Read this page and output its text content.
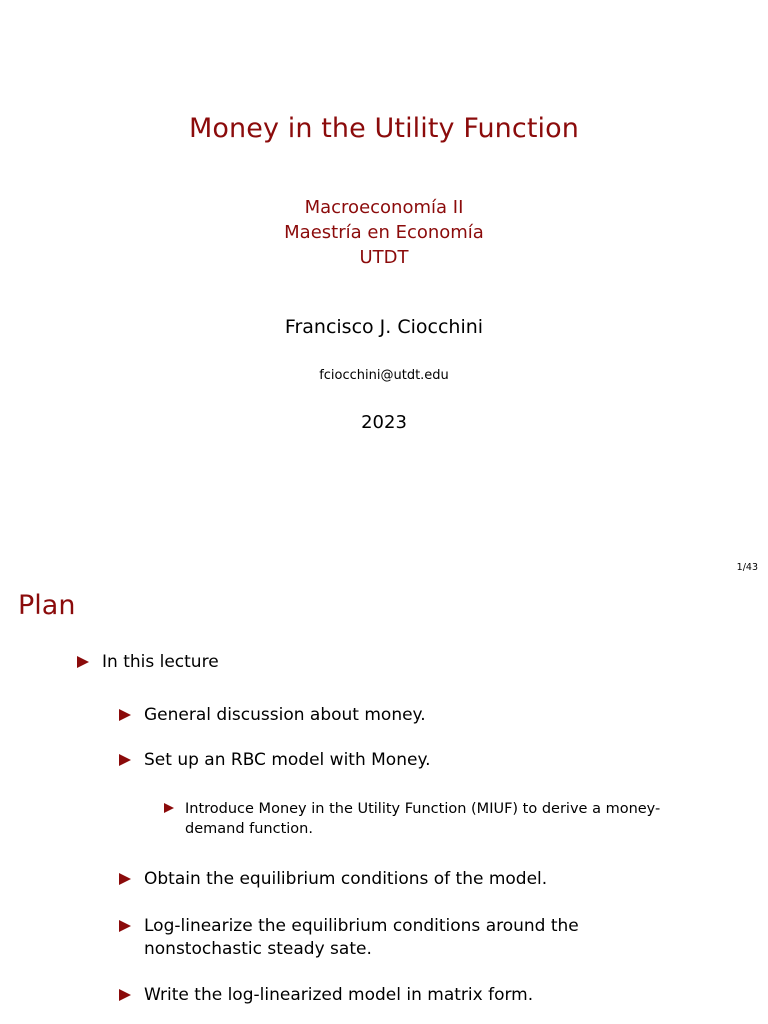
Money in the Utility Function
Macroeconomía II
Maestría en Economía
UTDT
Francisco J. Ciocchini
fciocchini@utdt.edu
2023
1/43
Plan
In this lecture
General discussion about money.
Set up an RBC model with Money.
Introduce Money in the Utility Function (MIUF) to derive a money-demand function.
Obtain the equilibrium conditions of the model.
Log-linearize the equilibrium conditions around the nonstochastic steady sate.
Write the log-linearized model in matrix form.
